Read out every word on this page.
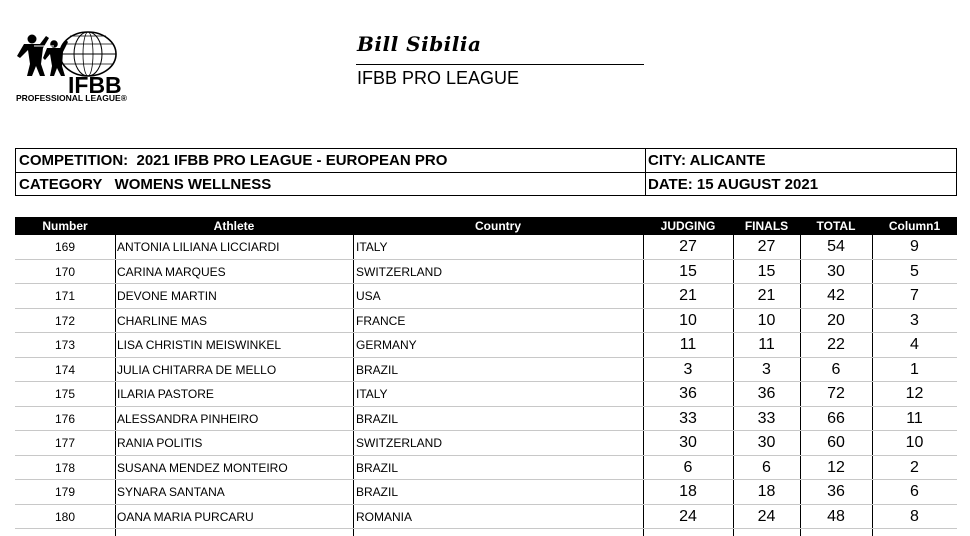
IFBB
PROFESSIONAL LEAGUE®
Bill Sibilia
IFBB PRO LEAGUE
COMPETITION:  2021 IFBB PRO LEAGUE - EUROPEAN PRO	CITY: ALICANTE
CATEGORY   WOMENS WELLNESS	DATE: 15 AUGUST 2021
Number	Athlete	Country	JUDGING	FINALS	TOTAL	Column1
169	ANTONIA LILIANA LICCIARDI	ITALY	27	27	54	9
170	CARINA MARQUES	SWITZERLAND	15	15	30	5
171	DEVONE MARTIN	USA	21	21	42	7
172	CHARLINE MAS	FRANCE	10	10	20	3
173	LISA CHRISTIN MEISWINKEL	GERMANY	11	11	22	4
174	JULIA CHITARRA DE MELLO	BRAZIL	3	3	6	1
175	ILARIA PASTORE	ITALY	36	36	72	12
176	ALESSANDRA PINHEIRO	BRAZIL	33	33	66	11
177	RANIA POLITIS	SWITZERLAND	30	30	60	10
178	SUSANA MENDEZ MONTEIRO	BRAZIL	6	6	12	2
179	SYNARA SANTANA	BRAZIL	18	18	36	6
180	OANA MARIA PURCARU	ROMANIA	24	24	48	8
